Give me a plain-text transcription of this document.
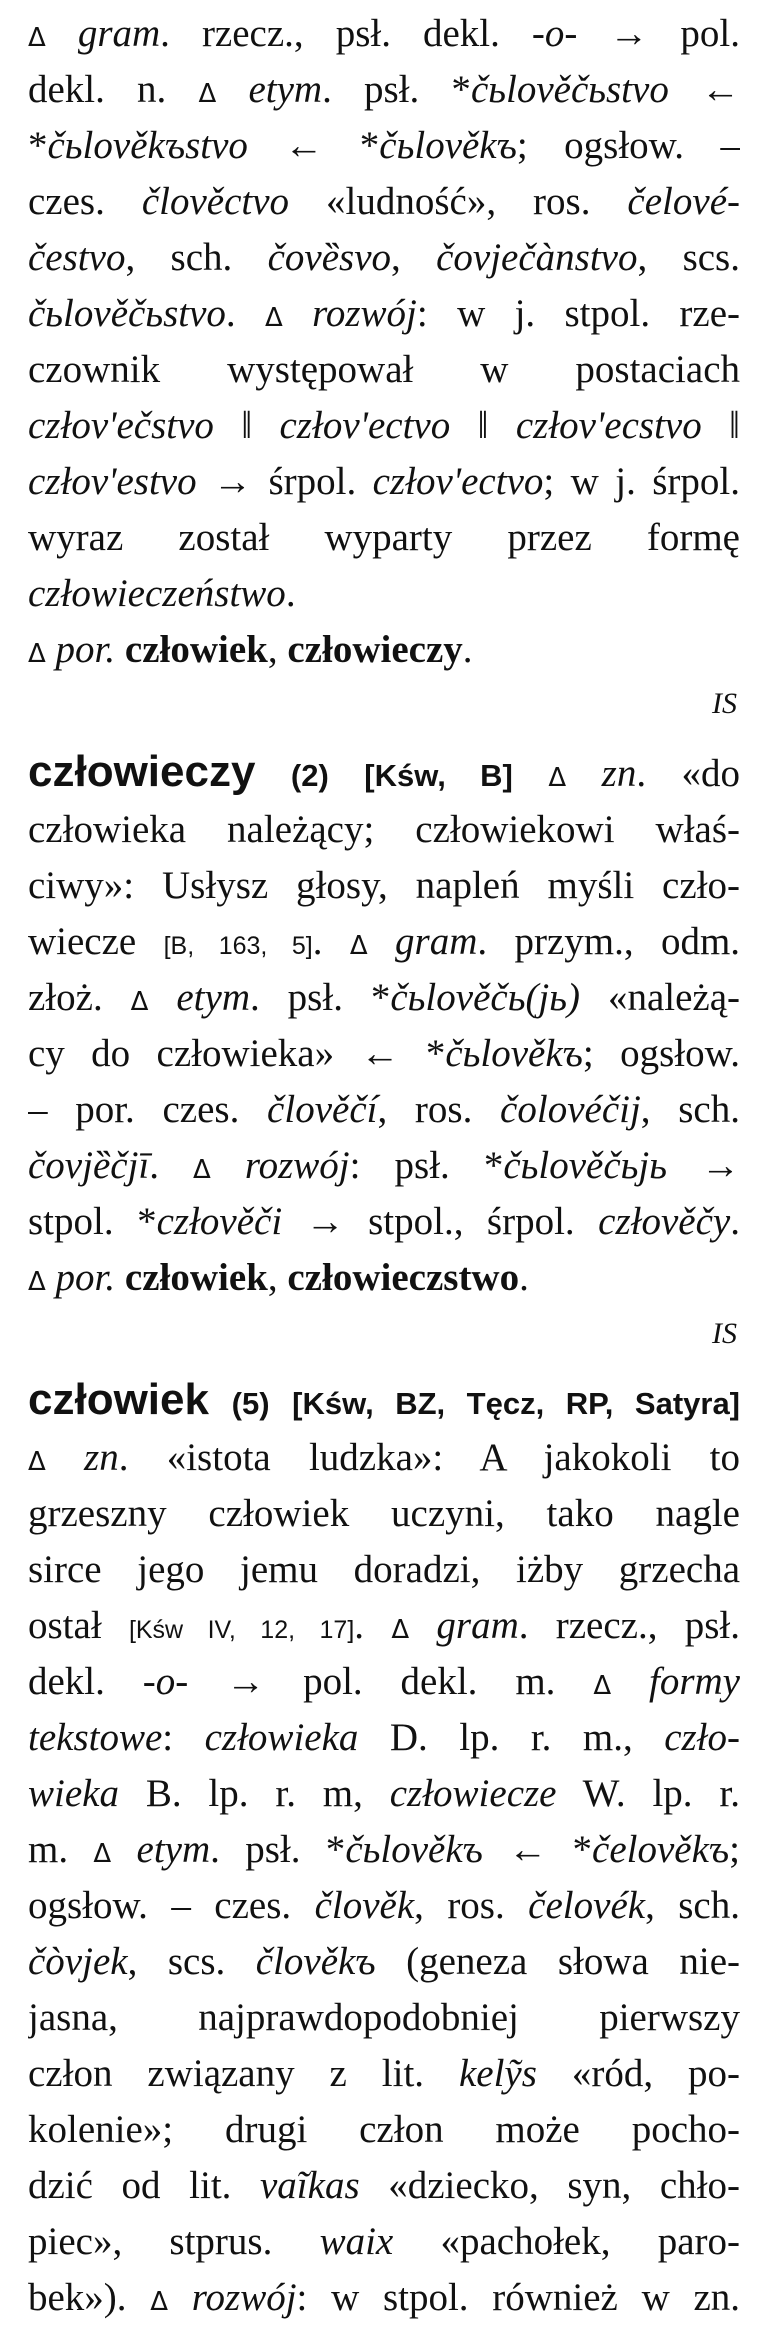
Δ gram. rzecz., psł. dekl. -o- → pol.
dekl. n. Δ etym. psł. *čьlověčьstvo ←
*čьlověkъstvo ← *čьlověkъ; ogsłow. –
czes. člověctvo «ludność», ros. čelové-
čestvo, sch. čovȅsvo, čovječànstvo, scs.
čьlověčьstvo. Δ rozwój: w j. stpol. rze-
czownik występował w postaciach
człov'ečstvo ‖ człov'ectvo ‖ człov'ecstvo ‖
człov'estvo → śrpol. człov'ectvo; w j. śrpol.
wyraz został wyparty przez formę
człowieczeństwo.
Δ por. człowiek, człowieczy.
IS
człowieczy (2) [Kśw, B] Δ zn. «do
człowieka należący; człowiekowi właś-
ciwy»: Usłysz głosy, napleń myśli czło-
wiecze [B, 163, 5]. Δ gram. przym., odm.
złoż. Δ etym. psł. *čьlověčь(jь) «należą-
cy do człowieka» ← *čьlověkъ; ogsłow.
– por. czes. člověčí, ros. čolovéčij, sch.
čovjȅčjī. Δ rozwój: psł. *čьlověčьjь →
stpol. *człověči → stpol., śrpol. człověčy.
Δ por. człowiek, człowieczstwo.
IS
człowiek (5) [Kśw, BZ, Tęcz, RP, Satyra]
Δ zn. «istota ludzka»: A jakokoli to
grzeszny człowiek uczyni, tako nagle
sirce jego jemu doradzi, iżby grzecha
ostał [Kśw IV, 12, 17]. Δ gram. rzecz., psł.
dekl. -o- → pol. dekl. m. Δ formy
tekstowe: człowieka D. lp. r. m., czło-
wieka B. lp. r. m, człowiecze W. lp. r.
m. Δ etym. psł. *čьlověkъ ← *čelověkъ;
ogsłow. – czes. člověk, ros. čelovék, sch.
čòvjek, scs. člověkъ (geneza słowa nie-
jasna, najprawdopodobniej pierwszy
człon związany z lit. kelỹs «ród, po-
kolenie»; drugi człon może pocho-
dzić od lit. vaĩkas «dziecko, syn, chło-
piec», stprus. waix «pachołek, paro-
bek»). Δ rozwój: w stpol. również w zn.
